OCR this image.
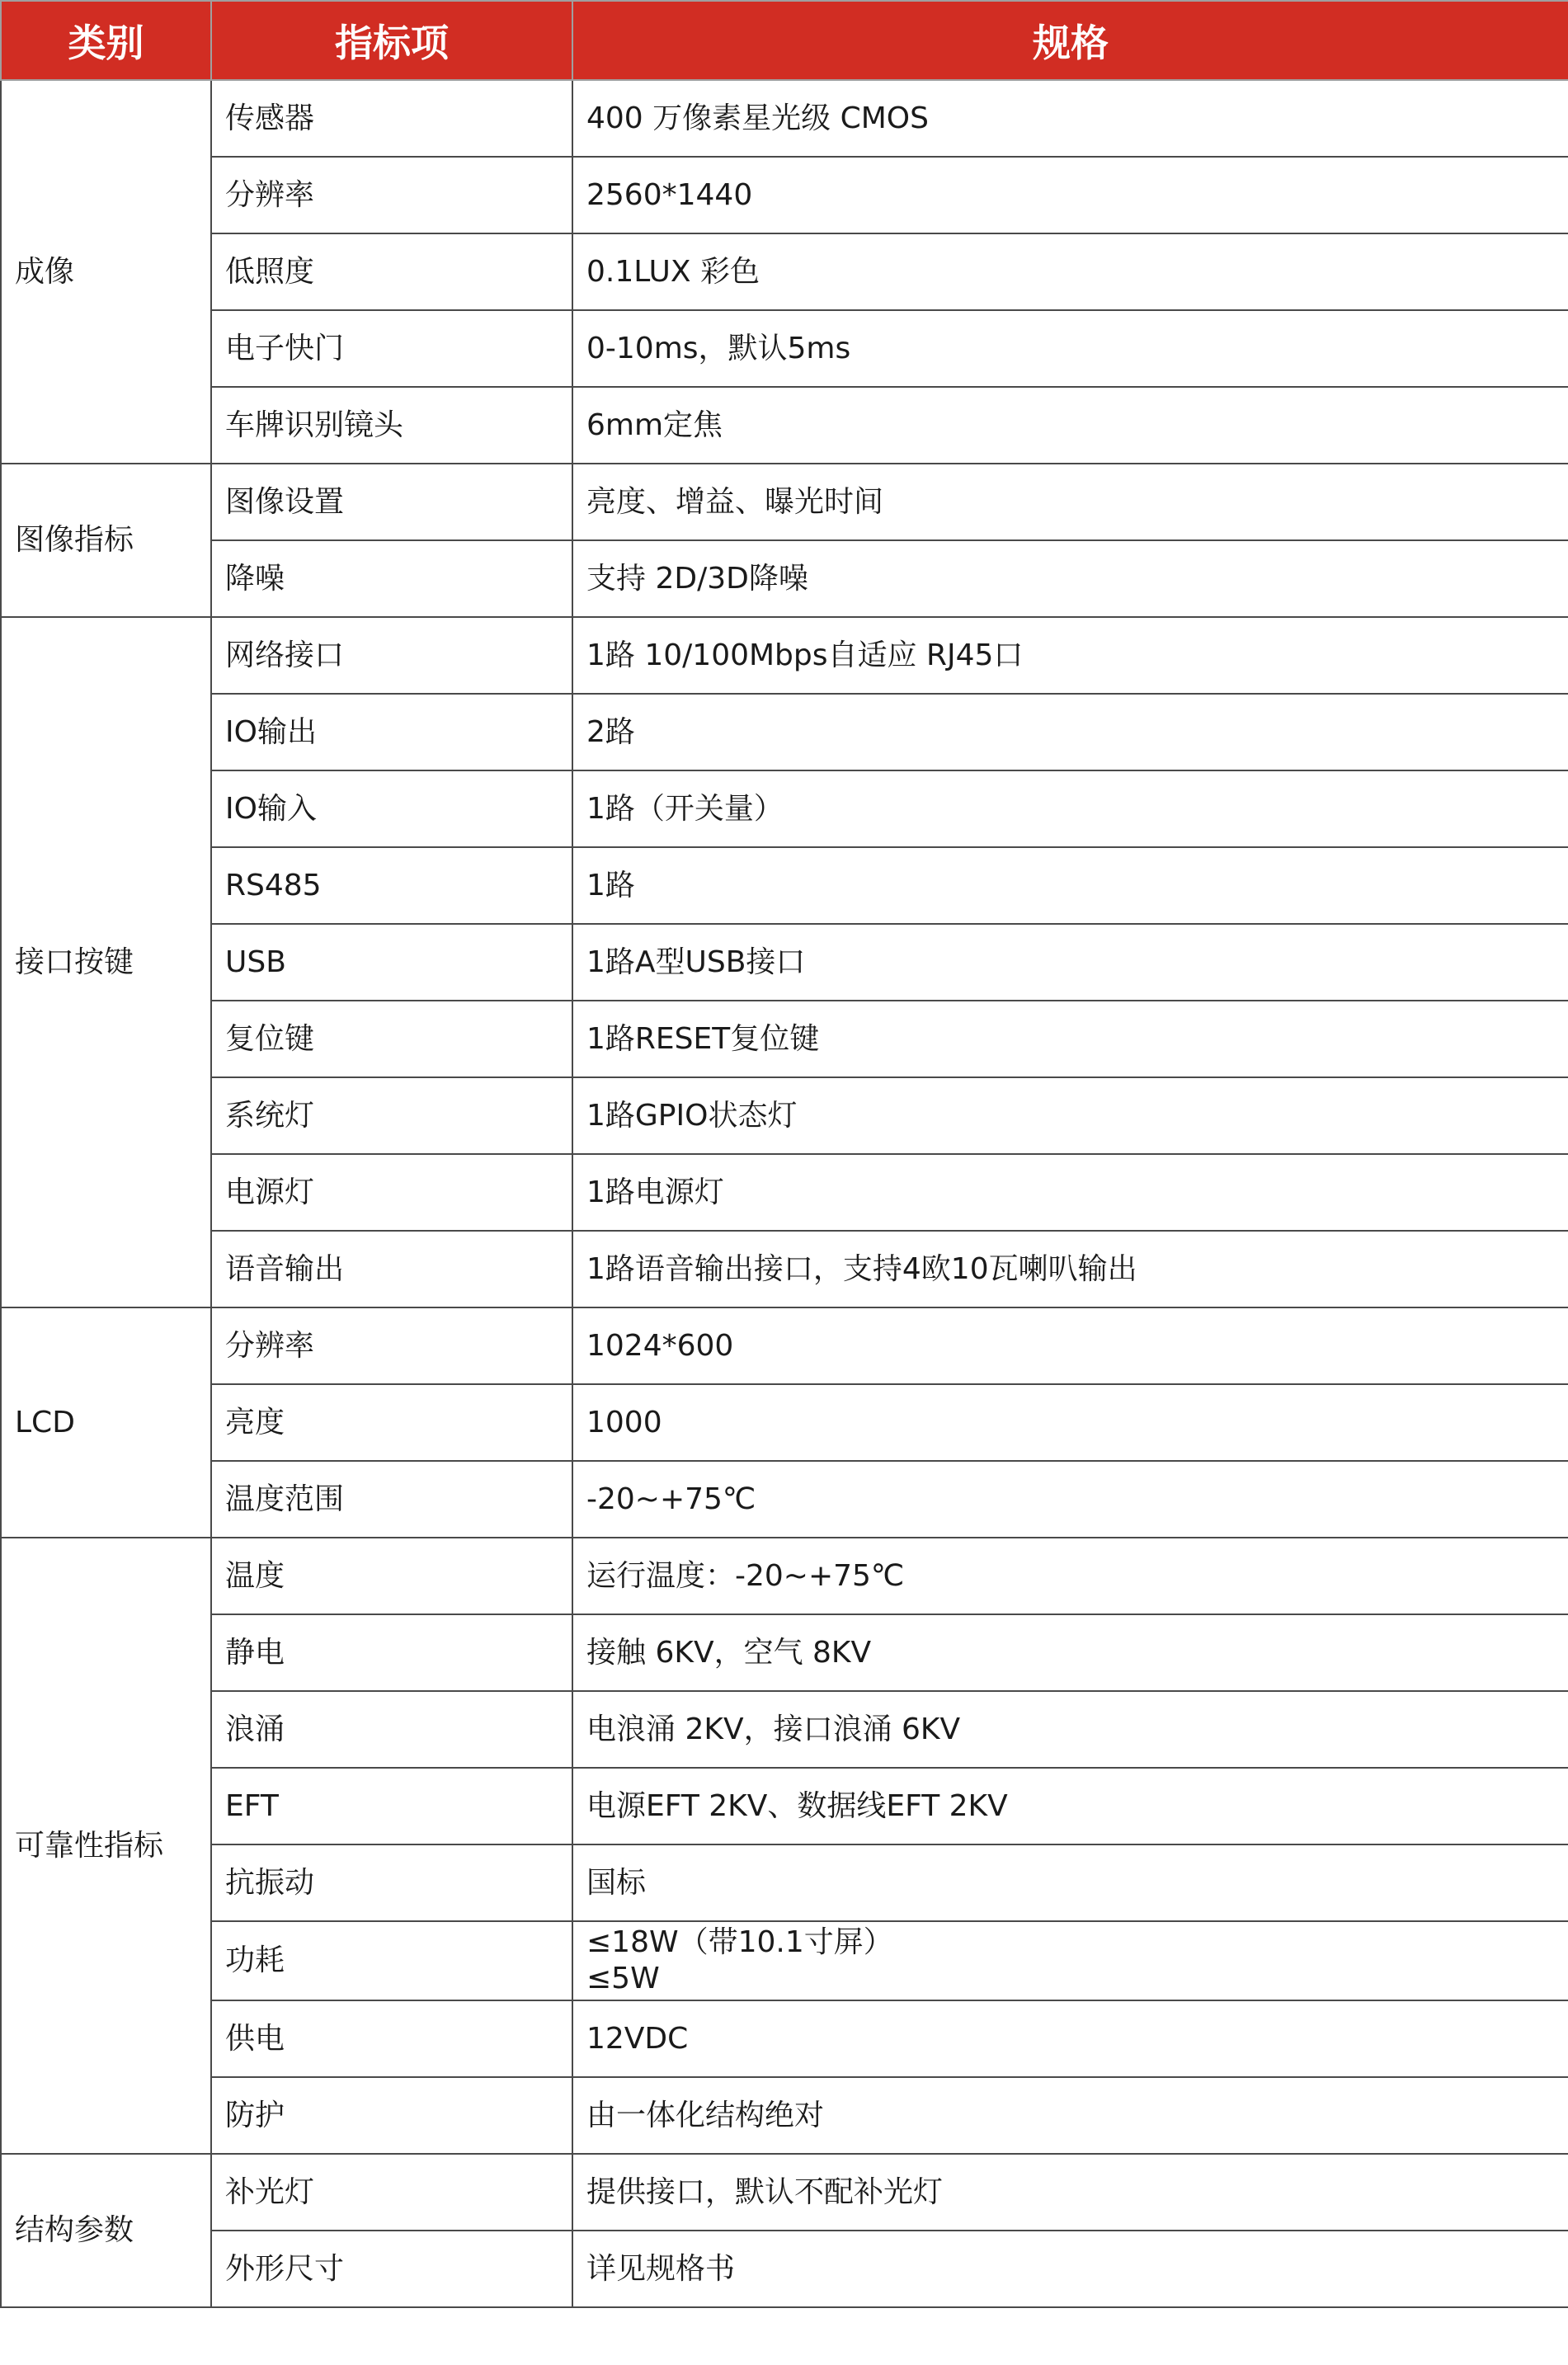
类别	指标项	规格
成像	传感器	400 万像素星光级 CMOS

	分辨率	2560*1440

	低照度	0.1LUX 彩色

	电子快门	0-10ms，默认5ms

	车牌识别镜头	6mm定焦

图像指标	图像设置	亮度、增益、曝光时间

	降噪	支持 2D/3D降噪

接口按键	网络接口	1路 10/100Mbps自适应 RJ45口

	IO输出	2路

	IO输入	1路（开关量）

	RS485	1路

	USB	1路A型USB接口

	复位键	1路RESET复位键

	系统灯	1路GPIO状态灯

	电源灯	1路电源灯

	语音输出	1路语音输出接口，支持4欧10瓦喇叭输出

LCD	分辨率	1024*600

	亮度	1000

	温度范围	-20~+75℃

可靠性指标	温度	运行温度：-20~+75℃

	静电	接触 6KV，空气 8KV

	浪涌	电浪涌 2KV，接口浪涌 6KV

	EFT	电源EFT 2KV、数据线EFT 2KV

	抗振动	国标

	功耗	≤18W（带10.1寸屏）
≤5W

	供电	12VDC

	防护	由一体化结构绝对

结构参数	补光灯	提供接口，默认不配补光灯

	外形尺寸	详见规格书
